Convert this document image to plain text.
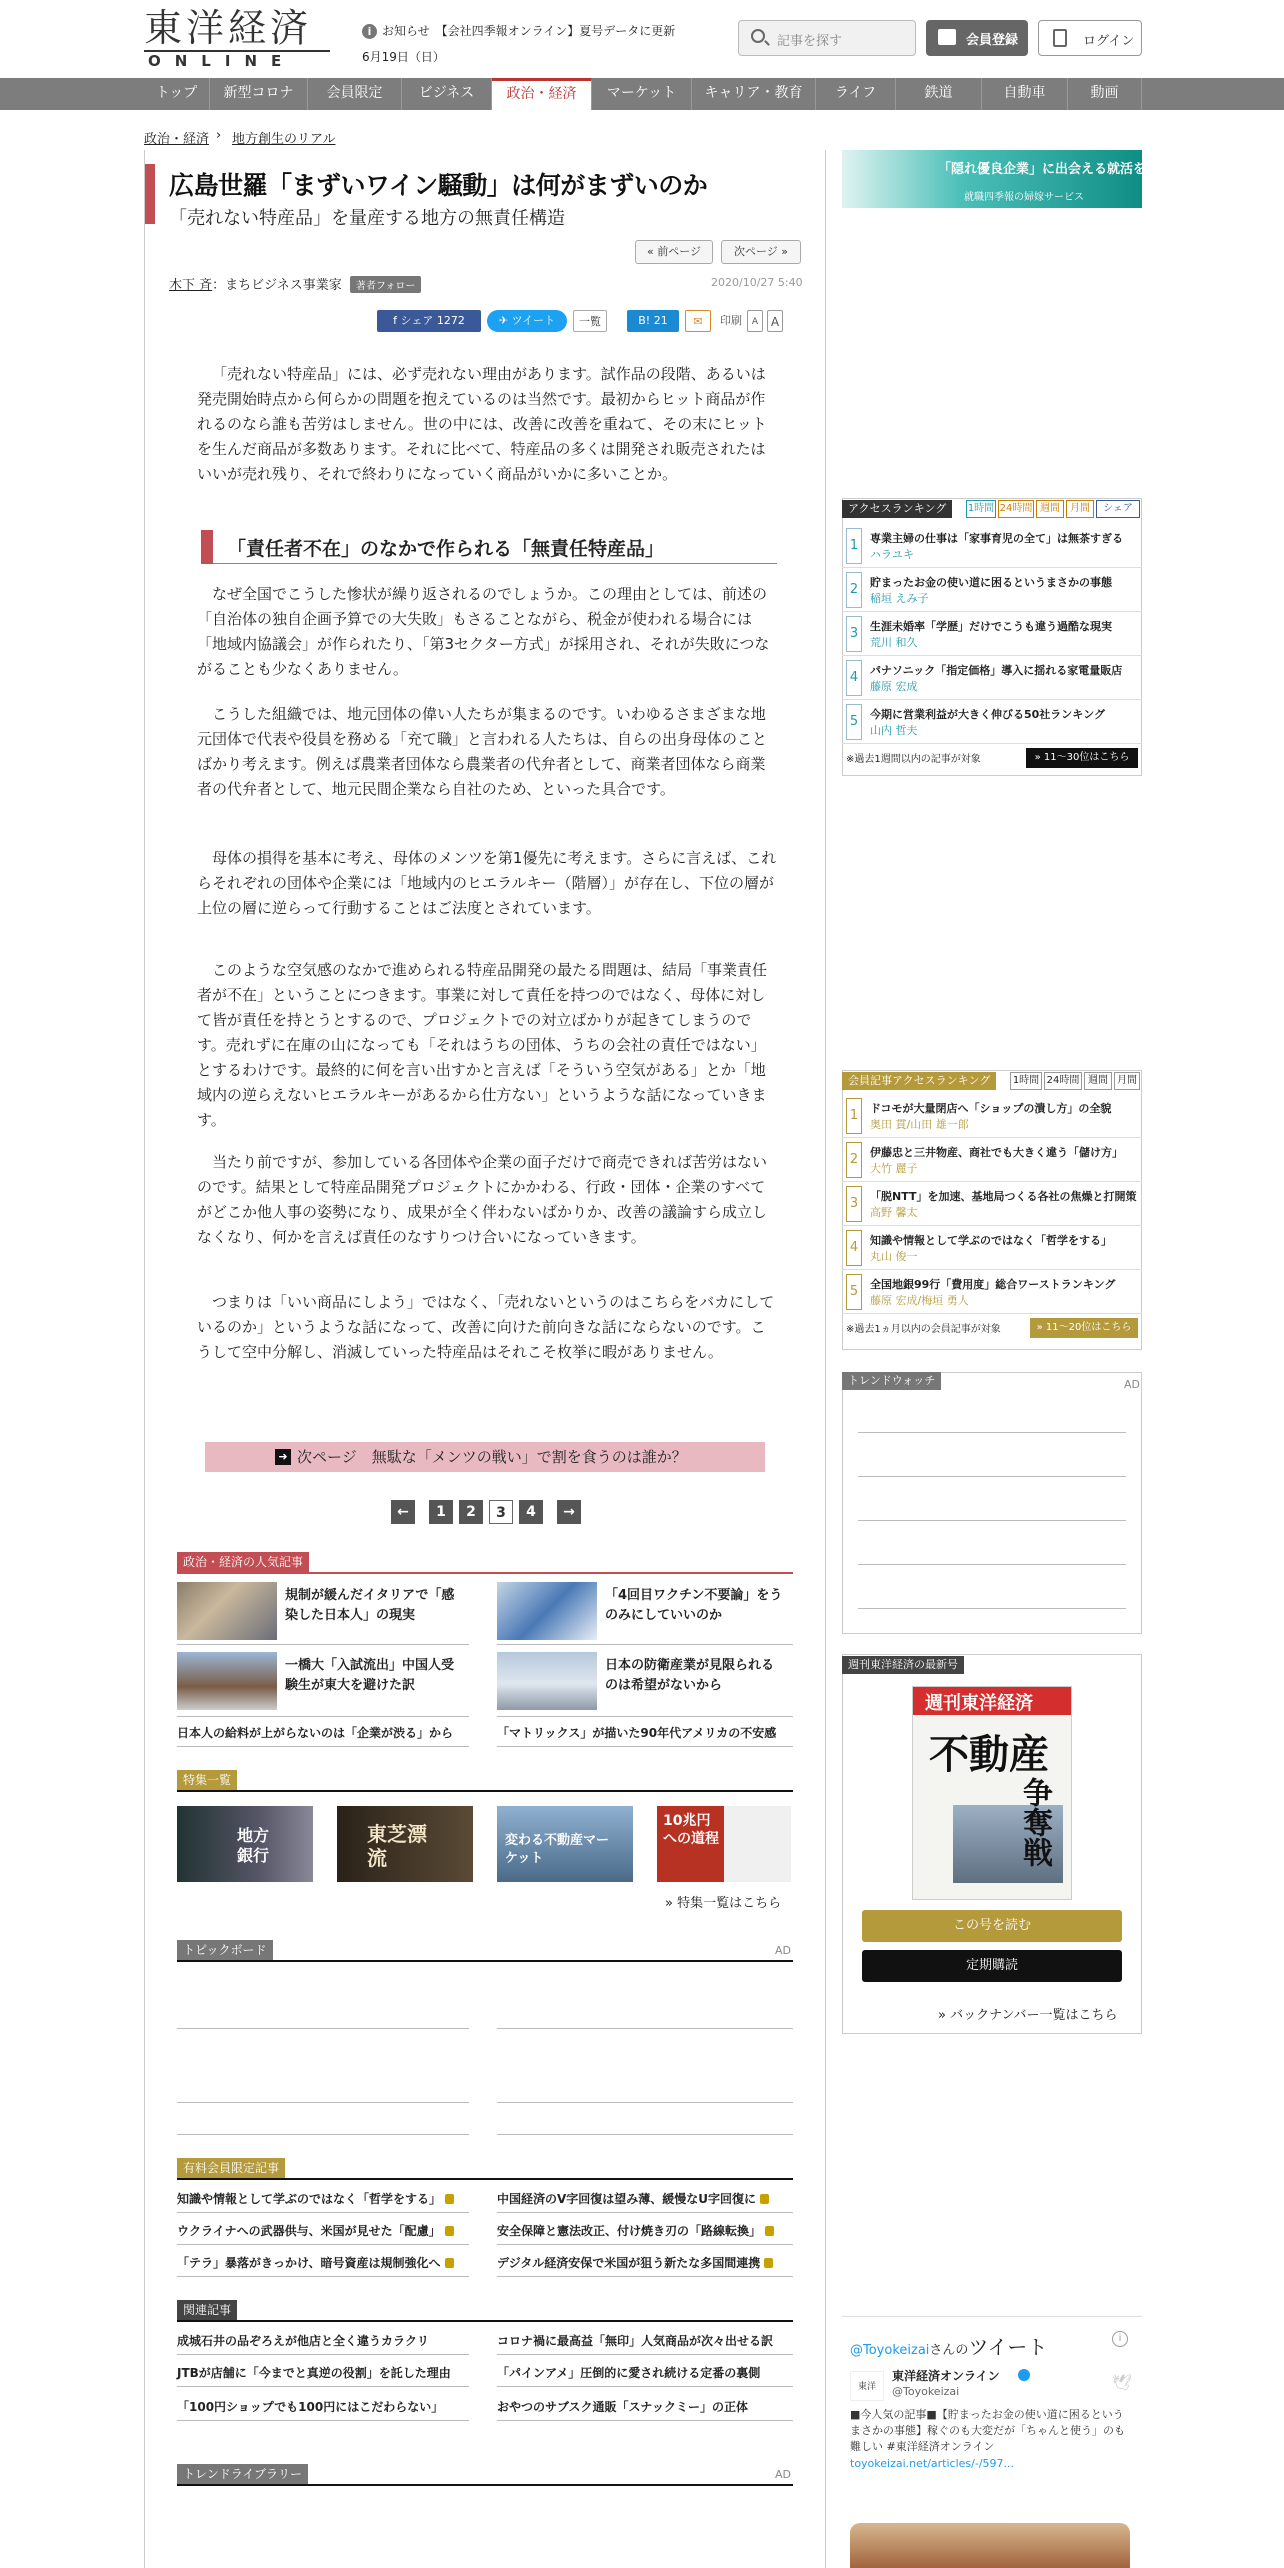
東洋経済
ONLINE
i お知らせ　 【会社四季報オンライン】夏号データに更新
6月19日（日）
記事を探す	会員登録	ログイン
トップ	新型コロナ	会員限定	ビジネス	政治・経済	マーケット	キャリア・教育	ライフ	鉄道	自動車	動画
政治・経済 › 地方創生のリアル
広島世羅「まずいワイン騒動」は何がまずいのか
「売れない特産品」を量産する地方の無責任構造
« 前ページ	次ページ »
木下 斉：まちビジネス事業家 著者フォロー	2020/10/27 5:40
f シェア 1272	✈ ツイート	一覧	B! 21	✉	印刷	A	A

「売れない特産品」には、必ず売れない理由があります。試作品の段階、あるいは発売開始時点から何らかの問題を抱えているのは当然です。最初からヒット商品が作れるのなら誰も苦労はしません。世の中には、改善に改善を重ねて、その末にヒットを生んだ商品が多数あります。それに比べて、特産品の多くは開発され販売されたはいいが売れ残り、それで終わりになっていく商品がいかに多いことか。

「責任者不在」のなかで作られる「無責任特産品」

なぜ全国でこうした惨状が繰り返されるのでしょうか。この理由としては、前述の「自治体の独自企画予算での大失敗」もさることながら、税金が使われる場合には「地域内協議会」が作られたり、「第3セクター方式」が採用され、それが失敗につながることも少なくありません。

こうした組織では、地元団体の偉い人たちが集まるのです。いわゆるさまざまな地元団体で代表や役員を務める「充て職」と言われる人たちは、自らの出身母体のことばかり考えます。例えば農業者団体なら農業者の代弁者として、商業者団体なら商業者の代弁者として、地元民間企業なら自社のため、といった具合です。

母体の損得を基本に考え、母体のメンツを第1優先に考えます。さらに言えば、これらそれぞれの団体や企業には「地域内のヒエラルキー（階層）」が存在し、下位の層が上位の層に逆らって行動することはご法度とされています。

このような空気感のなかで進められる特産品開発の最たる問題は、結局「事業責任者が不在」ということにつきます。事業に対して責任を持つのではなく、母体に対して皆が責任を持とうとするので、プロジェクトでの対立ばかりが起きてしまうのです。売れずに在庫の山になっても「それはうちの団体、うちの会社の責任ではない」とするわけです。最終的に何を言い出すかと言えば「そういう空気がある」とか「地域内の逆らえないヒエラルキーがあるから仕方ない」というような話になっていきます。

当たり前ですが、参加している各団体や企業の面子だけで商売できれば苦労はないのです。結果として特産品開発プロジェクトにかかわる、行政・団体・企業のすべてがどこか他人事の姿勢になり、成果が全く伴わないばかりか、改善の議論すら成立しなくなり、何かを言えば責任のなすりつけ合いになっていきます。

つまりは「いい商品にしよう」ではなく、「売れないというのはこちらをバカにしているのか」というような話になって、改善に向けた前向きな話にならないのです。こうして空中分解し、消滅していった特産品はそれこそ枚挙に暇がありません。

➜ 次ページ　無駄な「メンツの戦い」で割を食うのは誰か？
←	1	2	3	4	→
政治・経済の人気記事
規制が緩んだイタリアで「感染した日本人」の現実
「4回目ワクチン不要論」をうのみにしていいのか
一橋大「入試流出」中国人受験生が東大を避けた訳
日本の防衛産業が見限られるのは希望がないから
日本人の給料が上がらないのは「企業が渋る」から	「マトリックス」が描いた90年代アメリカの不安感
特集一覧
地方銀行
東芝漂流
変わる不動産マーケット
10兆円への道程
» 特集一覧はこちら
トピックボード	AD
有料会員限定記事
知識や情報として学ぶのではなく「哲学をする」	中国経済のV字回復は望み薄、緩慢なU字回復に
ウクライナへの武器供与、米国が見せた「配慮」	安全保障と憲法改正、付け焼き刃の「路線転換」
「テラ」暴落がきっかけ、暗号資産は規制強化へ	デジタル経済安保で米国が狙う新たな多国間連携
関連記事
成城石井の品ぞろえが他店と全く違うカラクリ	コロナ禍に最高益「無印」人気商品が次々出せる訳
JTBが店舗に「今までと真逆の役割」を託した理由	「パインアメ」圧倒的に愛され続ける定番の裏側
「100円ショップでも100円にはこだわらない」	おやつのサブスク通販「スナックミー」の正体
トレンドライブラリー	AD
「隠れ優良企業」に出会える就活を。
就職四季報の婦嫁サービス
アクセスランキング	1時間 24時間 週間	月間	シェア
1	専業主婦の仕事は「家事育児の全て」は無茶すぎる
ハラユキ
2	貯まったお金の使い道に困るというまさかの事態
稲垣 えみ子
3	生涯未婚率「学歴」だけでこうも違う過酷な現実
荒川 和久
4	パナソニック「指定価格」導入に揺れる家電量販店
藤原 宏成
5	今期に営業利益が大きく伸びる50社ランキング
山内 哲夫
※過去1週間以内の記事が対象	» 11～30位はこちら
会員記事アクセスランキング	1時間 24時間 週間 月間
1	ドコモが大量閉店へ「ショップの潰し方」の全貌
奥田 貫/山田 雄一郎
2	伊藤忠と三井物産、商社でも大きく違う「儲け方」
大竹 麗子
3	「脱NTT」を加速、基地局つくる各社の焦燥と打開策
高野 馨太
4	知識や情報として学ぶのではなく「哲学をする」
丸山 俊一
5	全国地銀99行「費用度」総合ワーストランキング
藤原 宏成/梅垣 勇人
※過去1ヵ月以内の会員記事が対象	» 11～20位はこちら
トレンドウォッチ	AD
週刊東洋経済の最新号
週刊東洋経済
不動産
争奪戦
この号を読む
定期購読
» バックナンバー一覧はこちら
@Toyokeizaiさんのツイート	i
東洋
東洋経済オンライン
@Toyokeizai	🕊
■今人気の記事■【貯まったお金の使い道に困るというまさかの事態】稼ぐのも大変だが「ちゃんと使う」のも難しい #東洋経済オンライン
toyokeizai.net/articles/-/597...
